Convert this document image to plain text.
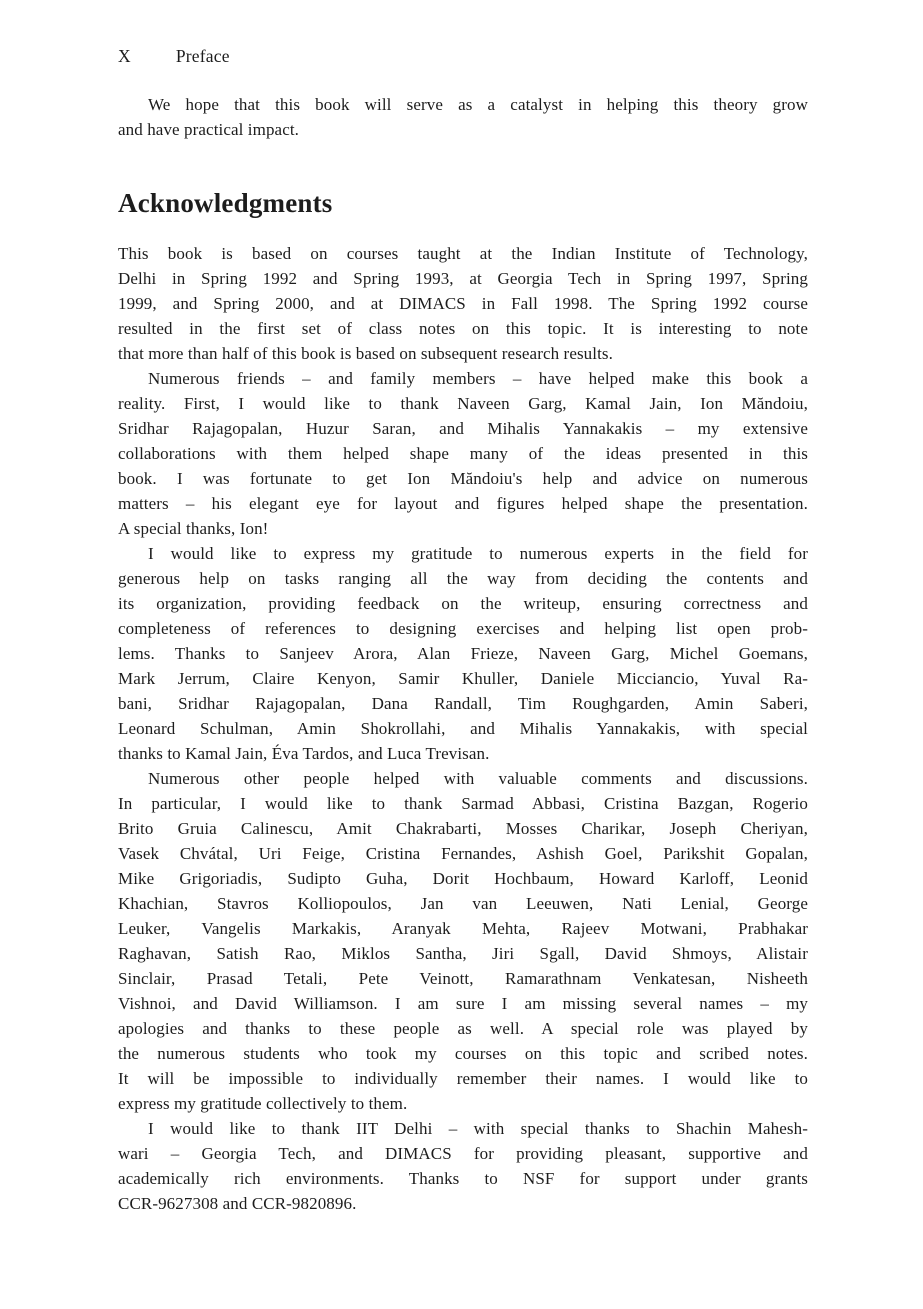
X	Preface
We hope that this book will serve as a catalyst in helping this theory grow
and have practical impact.
Acknowledgments
This book is based on courses taught at the Indian Institute of Technology,
Delhi in Spring 1992 and Spring 1993, at Georgia Tech in Spring 1997, Spring
1999, and Spring 2000, and at DIMACS in Fall 1998. The Spring 1992 course
resulted in the first set of class notes on this topic. It is interesting to note
that more than half of this book is based on subsequent research results.
Numerous friends – and family members – have helped make this book a
reality. First, I would like to thank Naveen Garg, Kamal Jain, Ion Măndoiu,
Sridhar Rajagopalan, Huzur Saran, and Mihalis Yannakakis – my extensive
collaborations with them helped shape many of the ideas presented in this
book. I was fortunate to get Ion Măndoiu's help and advice on numerous
matters – his elegant eye for layout and figures helped shape the presentation.
A special thanks, Ion!
I would like to express my gratitude to numerous experts in the field for
generous help on tasks ranging all the way from deciding the contents and
its organization, providing feedback on the writeup, ensuring correctness and
completeness of references to designing exercises and helping list open prob-
lems. Thanks to Sanjeev Arora, Alan Frieze, Naveen Garg, Michel Goemans,
Mark Jerrum, Claire Kenyon, Samir Khuller, Daniele Micciancio, Yuval Ra-
bani, Sridhar Rajagopalan, Dana Randall, Tim Roughgarden, Amin Saberi,
Leonard Schulman, Amin Shokrollahi, and Mihalis Yannakakis, with special
thanks to Kamal Jain, Éva Tardos, and Luca Trevisan.
Numerous other people helped with valuable comments and discussions.
In particular, I would like to thank Sarmad Abbasi, Cristina Bazgan, Rogerio
Brito Gruia Calinescu, Amit Chakrabarti, Mosses Charikar, Joseph Cheriyan,
Vasek Chvátal, Uri Feige, Cristina Fernandes, Ashish Goel, Parikshit Gopalan,
Mike Grigoriadis, Sudipto Guha, Dorit Hochbaum, Howard Karloff, Leonid
Khachian, Stavros Kolliopoulos, Jan van Leeuwen, Nati Lenial, George
Leuker, Vangelis Markakis, Aranyak Mehta, Rajeev Motwani, Prabhakar
Raghavan, Satish Rao, Miklos Santha, Jiri Sgall, David Shmoys, Alistair
Sinclair, Prasad Tetali, Pete Veinott, Ramarathnam Venkatesan, Nisheeth
Vishnoi, and David Williamson. I am sure I am missing several names – my
apologies and thanks to these people as well. A special role was played by
the numerous students who took my courses on this topic and scribed notes.
It will be impossible to individually remember their names. I would like to
express my gratitude collectively to them.
I would like to thank IIT Delhi – with special thanks to Shachin Mahesh-
wari – Georgia Tech, and DIMACS for providing pleasant, supportive and
academically rich environments. Thanks to NSF for support under grants
CCR-9627308 and CCR-9820896.
